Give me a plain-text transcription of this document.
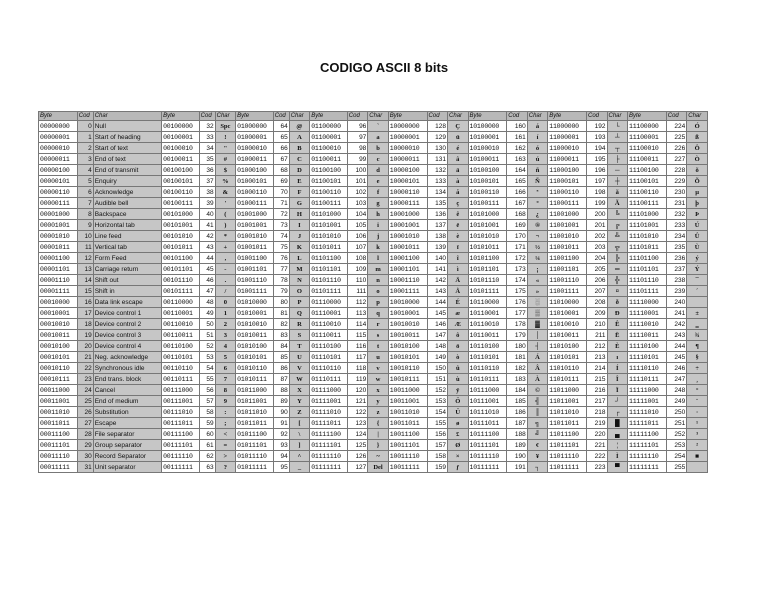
CODIGO ASCII 8 bits
Byte	Cod	Char	Byte	Cod	Char	Byte	Cod	Char	Byte	Cod	Char	Byte	Cod	Char	Byte	Cod	Char	Byte	Cod	Char	Byte	Cod	Char
00000000	0	Null	00100000	32	Spc	01000000	64	@	01100000	96	`	10000000	128	Ç	10100000	160	á	11000000	192	└	11100000	224	Ó
00000001	1	Start of heading	00100001	33	!	01000001	65	A	01100001	97	a	10000001	129	ü	10100001	161	í	11000001	193	┴	11100001	225	ß
00000010	2	Start of text	00100010	34	"	01000010	66	B	01100010	98	b	10000010	130	é	10100010	162	ó	11000010	194	┬	11100010	226	Ô
00000011	3	End of text	00100011	35	#	01000011	67	C	01100011	99	c	10000011	131	â	10100011	163	ú	11000011	195	├	11100011	227	Ò
00000100	4	End of transmit	00100100	36	$	01000100	68	D	01100100	100	d	10000100	132	ä	10100100	164	ñ	11000100	196	─	11100100	228	õ
00000101	5	Enquiry	00100101	37	%	01000101	69	E	01100101	101	e	10000101	133	à	10100101	165	Ñ	11000101	197	┼	11100101	229	Õ
00000110	6	Acknowledge	00100110	38	&	01000110	70	F	01100110	102	f	10000110	134	å	10100110	166	ª	11000110	198	ã	11100110	230	µ
00000111	7	Audible bell	00100111	39	'	01000111	71	G	01100111	103	g	10000111	135	ç	10100111	167	º	11000111	199	Ã	11100111	231	þ
00001000	8	Backspace	00101000	40	(	01001000	72	H	01101000	104	h	10001000	136	ê	10101000	168	¿	11001000	200	╚	11101000	232	Þ
00001001	9	Horizontal tab	00101001	41	)	01001001	73	I	01101001	105	i	10001001	137	ë	10101001	169	®	11001001	201	╔	11101001	233	Ú
00001010	10	Line feed	00101010	42	*	01001010	74	J	01101010	106	j	10001010	138	è	10101010	170	¬	11001010	202	╩	11101010	234	Û
00001011	11	Vertical tab	00101011	43	+	01001011	75	K	01101011	107	k	10001011	139	ï	10101011	171	½	11001011	203	╦	11101011	235	Ù
00001100	12	Form Feed	00101100	44	,	01001100	76	L	01101100	108	l	10001100	140	î	10101100	172	¼	11001100	204	╠	11101100	236	ý
00001101	13	Carriage return	00101101	45	-	01001101	77	M	01101101	109	m	10001101	141	ì	10101101	173	¡	11001101	205	═	11101101	237	Ý
00001110	14	Shift out	00101110	46	.	01001110	78	N	01101110	110	n	10001110	142	Ä	10101110	174	«	11001110	206	╬	11101110	238	¯
00001111	15	Shift in	00101111	47	/	01001111	79	O	01101111	111	o	10001111	143	Å	10101111	175	»	11001111	207	¤	11101111	239	´
00010000	16	Data link escape	00110000	48	0	01010000	80	P	01110000	112	p	10010000	144	É	10110000	176	░	11010000	208	ð	11110000	240	
00010001	17	Device control 1	00110001	49	1	01010001	81	Q	01110001	113	q	10010001	145	æ	10110001	177	▒	11010001	209	Ð	11110001	241	±
00010010	18	Device control 2	00110010	50	2	01010010	82	R	01110010	114	r	10010010	146	Æ	10110010	178	▓	11010010	210	Ê	11110010	242	‗
00010011	19	Device control 3	00110011	51	3	01010011	83	S	01110011	115	s	10010011	147	ô	10110011	179	│	11010011	211	Ë	11110011	243	¾
00010100	20	Device control 4	00110100	52	4	01010100	84	T	01110100	116	t	10010100	148	ö	10110100	180	┤	11010100	212	È	11110100	244	¶
00010101	21	Neg. acknowledge	00110101	53	5	01010101	85	U	01110101	117	u	10010101	149	ò	10110101	181	Á	11010101	213	ı	11110101	245	§
00010110	22	Synchronous idle	00110110	54	6	01010110	86	V	01110110	118	v	10010110	150	û	10110110	182	Â	11010110	214	Í	11110110	246	÷
00010111	23	End trans. block	00110111	55	7	01010111	87	W	01110111	119	w	10010111	151	ù	10110111	183	À	11010111	215	Î	11110111	247	¸
00011000	24	Cancel	00111000	56	8	01011000	88	X	01111000	120	x	10011000	152	ÿ	10111000	184	©	11011000	216	Ï	11111000	248	°
00011001	25	End of medium	00111001	57	9	01011001	89	Y	01111001	121	y	10011001	153	Ö	10111001	185	╣	11011001	217	┘	11111001	249	¨
00011010	26	Substitution	00111010	58	:	01011010	90	Z	01111010	122	z	10011010	154	Ü	10111010	186	║	11011010	218	┌	11111010	250	·
00011011	27	Escape	00111011	59	;	01011011	91	[	01111011	123	{	10011011	155	ø	10111011	187	╗	11011011	219	█	11111011	251	¹
00011100	28	File separator	00111100	60	<	01011100	92	\	01111100	124	|	10011100	156	£	10111100	188	╝	11011100	220	▄	11111100	252	³
00011101	29	Group separator	00111101	61	=	01011101	93	]	01111101	125	}	10011101	157	Ø	10111101	189	¢	11011101	221	¦	11111101	253	²
00011110	30	Record Separator	00111110	62	>	01011110	94	^	01111110	126	~	10011110	158	×	10111110	190	¥	11011110	222	Ì	11111110	254	■
00011111	31	Unit separator	00111111	63	?	01011111	95	_	01111111	127	Del	10011111	159	ƒ	10111111	191	┐	11011111	223	▀	11111111	255	
